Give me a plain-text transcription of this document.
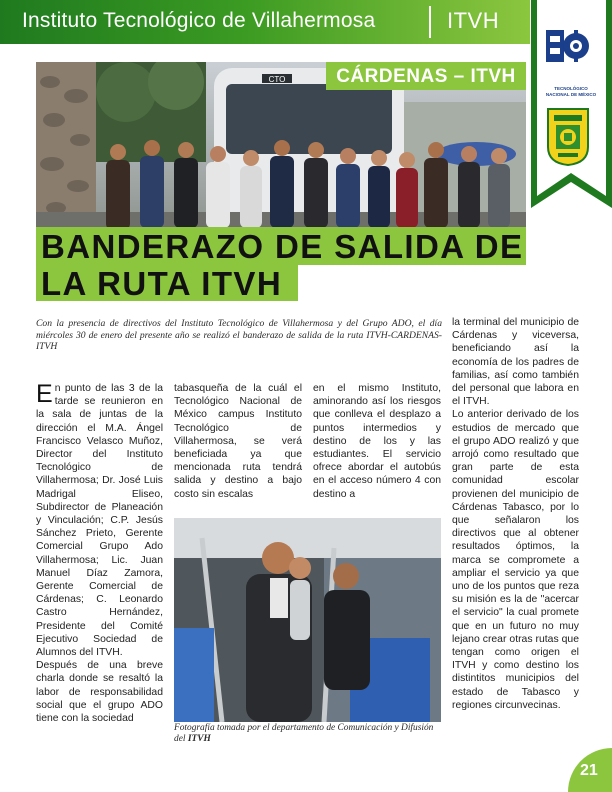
Instituto Tecnológico de Villahermosa	ITVH
TECNOLÓGICO
NACIONAL DE MÉXICO
CTO	CÁRDENAS – ITVH
BANDERAZO DE SALIDA DE
LA RUTA ITVH
Con la presencia de directivos del Instituto Tecnológico de Villahermosa y del Grupo ADO, el día miércoles 30 de enero del presente año se realizó el banderazo de salida de la ruta ITVH-CARDENAS-ITVH
E n punto de las 3 de la tarde se reunieron en la sala de juntas de la dirección el M.A. Ángel Francisco Velasco Muñoz, Director del Instituto Tecnológico de Villahermosa; Dr. José Luis Madrigal Eliseo, Subdirector de Planeación y Vinculación; C.P. Jesús Sánchez Prieto, Gerente Comercial Grupo Ado Villahermosa; Lic. Juan Manuel Díaz Zamora, Gerente Comercial de Cárdenas; C. Leonardo Castro Hernández, Presidente del Comité Ejecutivo Sociedad de Alumnos del ITVH.
Después de una breve charla donde se resaltó la labor de responsabilidad social que el grupo ADO tiene con la sociedad
tabasqueña de la cuál el Tecnológico Nacional de México campus Instituto Tecnológico de Villahermosa, se verá beneficiada ya que mencionada ruta tendrá salida y destino a bajo costo sin escalas
en el mismo Instituto, aminorando así los riesgos que conlleva el desplazo a puntos intermedios y destino de los y las estudiantes. El servicio ofrece abordar el autobús en el acceso número 4 con destino a
la terminal del municipio de Cárdenas y viceversa, beneficiando así la economía de los padres de familias, así como también del personal que labora en el ITVH.
Lo anterior derivado de los estudios de mercado que el grupo ADO realizó y que arrojó como resultado que gran parte de esta comunidad escolar provienen del municipio de Cárdenas Tabasco, por lo que señalaron los directivos que al obtener resultados óptimos, la marca se compromete a ampliar el servicio ya que uno de los puntos que reza su misión es la de "acercar el servicio" la cual promete que en un futuro no muy lejano crear otras rutas que tengan como origen el ITVH y como destino los distintitos municipios del estado de Tabasco y regiones circunvecinas.
Fotografía tomada por el departamento de Comunicación y Difusión del ITVH
21
